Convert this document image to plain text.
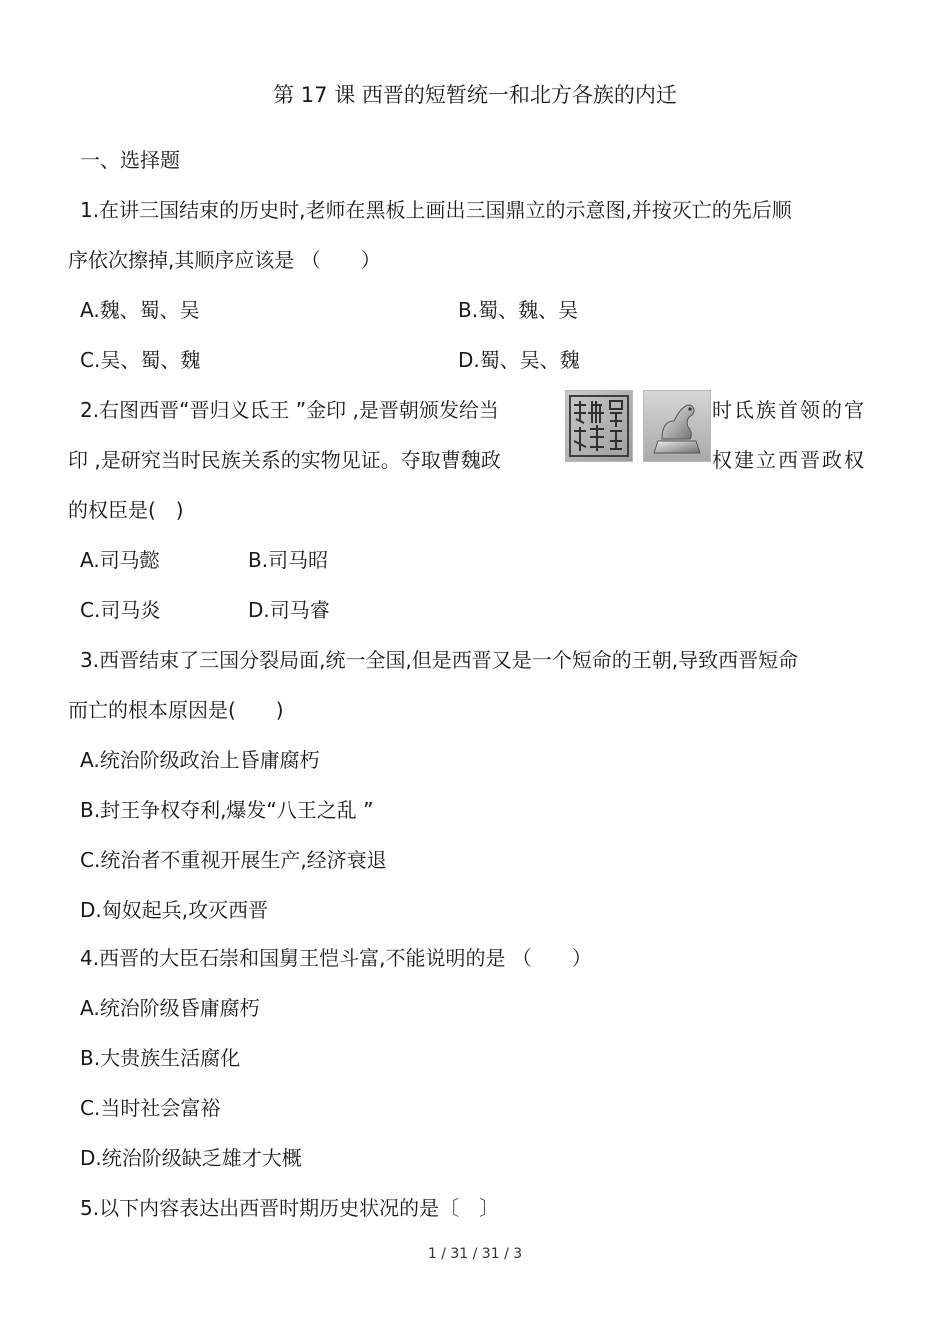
第 17 课 西晋的短暂统一和北方各族的内迁
一、选择题
1.在讲三国结束的历史时,老师在黑板上画出三国鼎立的示意图,并按灭亡的先后顺
序依次擦掉,其顺序应该是 （　　）
A.魏、蜀、吴	B.蜀、魏、吴
C.吴、蜀、魏	D.蜀、吴、魏
2.右图西晋“晋归义氐王 ”金印 ,是晋朝颁发给当	时氐族首领的官
印 ,是研究当时民族关系的实物见证。夺取曹魏政	权建立西晋政权
的权臣是(　)
A.司马懿	B.司马昭
C.司马炎	D.司马睿
3.西晋结束了三国分裂局面,统一全国,但是西晋又是一个短命的王朝,导致西晋短命
而亡的根本原因是(　　)
A.统治阶级政治上昏庸腐朽
B.封王争权夺利,爆发“八王之乱 ”
C.统治者不重视开展生产,经济衰退
D.匈奴起兵,攻灭西晋
4.西晋的大臣石崇和国舅王恺斗富,不能说明的是 （　　）
A.统治阶级昏庸腐朽
B.大贵族生活腐化
C.当时社会富裕
D.统治阶级缺乏雄才大概
5.以下内容表达出西晋时期历史状况的是〔　〕
1 / 31 / 31 / 3
